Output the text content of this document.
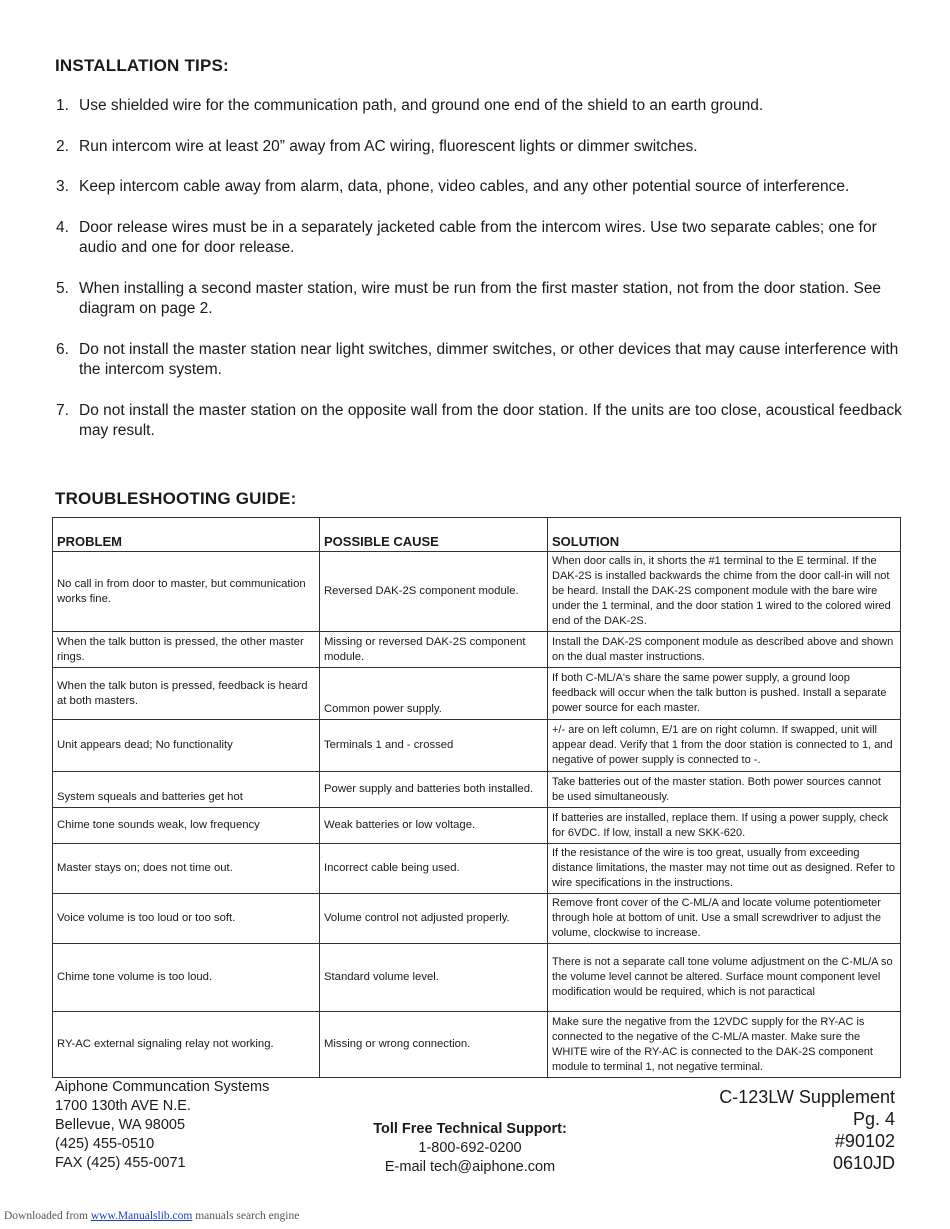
INSTALLATION TIPS:
1. Use shielded wire for the communication path, and ground one end of the shield to an earth ground.
2. Run intercom wire at least 20” away from AC wiring, fluorescent lights or dimmer switches.
3. Keep intercom cable away from alarm, data, phone, video cables, and any other potential source of interference.
4. Door release wires must be in a separately jacketed cable from the intercom wires. Use two separate cables; one for audio and one for door release.
5. When installing a second master station, wire must be run from the first master station, not from the door station. See diagram on page 2.
6. Do not install the master station near light switches, dimmer switches, or other devices that may cause interference with the intercom system.
7. Do not install the master station on the opposite wall from the door station. If the units are too close, acoustical feedback may result.
TROUBLESHOOTING GUIDE:
PROBLEM	POSSIBLE CAUSE	SOLUTION
No call in from door to master, but communication works fine.	Reversed DAK-2S component module.	When door calls in, it shorts the #1 terminal to the E terminal. If the DAK-2S is installed backwards the chime from the door call-in will not be heard. Install the DAK-2S component module with the bare wire under the 1 terminal, and the door station 1 wired to the colored wired end of the DAK-2S.
When the talk button is pressed, the other master rings.	Missing or reversed DAK-2S component module.	Install the DAK-2S component module as described above and shown on the dual master instructions.
When the talk buton is pressed, feedback is heard at both masters.	Common power supply.	If both C-ML/A's share the same power supply, a ground loop feedback will occur when the talk button is pushed. Install a separate power source for each master.
Unit appears dead; No functionality	Terminals 1 and - crossed	+/- are on left column, E/1 are on right column. If swapped, unit will appear dead. Verify that 1 from the door station is connected to 1, and negative of power supply is connected to -.
System squeals and batteries get hot	Power supply and batteries both installed.	Take batteries out of the master station. Both power sources cannot be used simultaneously.
Chime tone sounds weak, low frequency	Weak batteries or low voltage.	If batteries are installed, replace them. If using a power supply, check for 6VDC. If low, install a new SKK-620.
Master stays on; does not time out.	Incorrect cable being used.	If the resistance of the wire is too great, usually from exceeding distance limitations, the master may not time out as designed. Refer to wire specifications in the instructions.
Voice volume is too loud or too soft.	Volume control not adjusted properly.	Remove front cover of the C-ML/A and locate volume potentiometer through hole at bottom of unit. Use a small screwdriver to adjust the volume, clockwise to increase.
Chime tone volume is too loud.	Standard volume level.	There is not a separate call tone volume adjustment on the C-ML/A so the volume level cannot be altered. Surface mount component level modification would be required, which is not paractical
RY-AC external signaling relay not working.	Missing or wrong connection.	Make sure the negative from the 12VDC supply for the RY-AC is connected to the negative of the C-ML/A master. Make sure the WHITE wire of the RY-AC is connected to the DAK-2S component module to terminal 1, not negative terminal.
Aiphone Communcation Systems
1700 130th AVE N.E.
Bellevue, WA 98005
(425) 455-0510
FAX (425) 455-0071
Toll Free Technical Support:
1-800-692-0200
E-mail tech@aiphone.com
C-123LW Supplement
Pg. 4
#90102
0610JD
Downloaded from www.Manualslib.com manuals search engine
